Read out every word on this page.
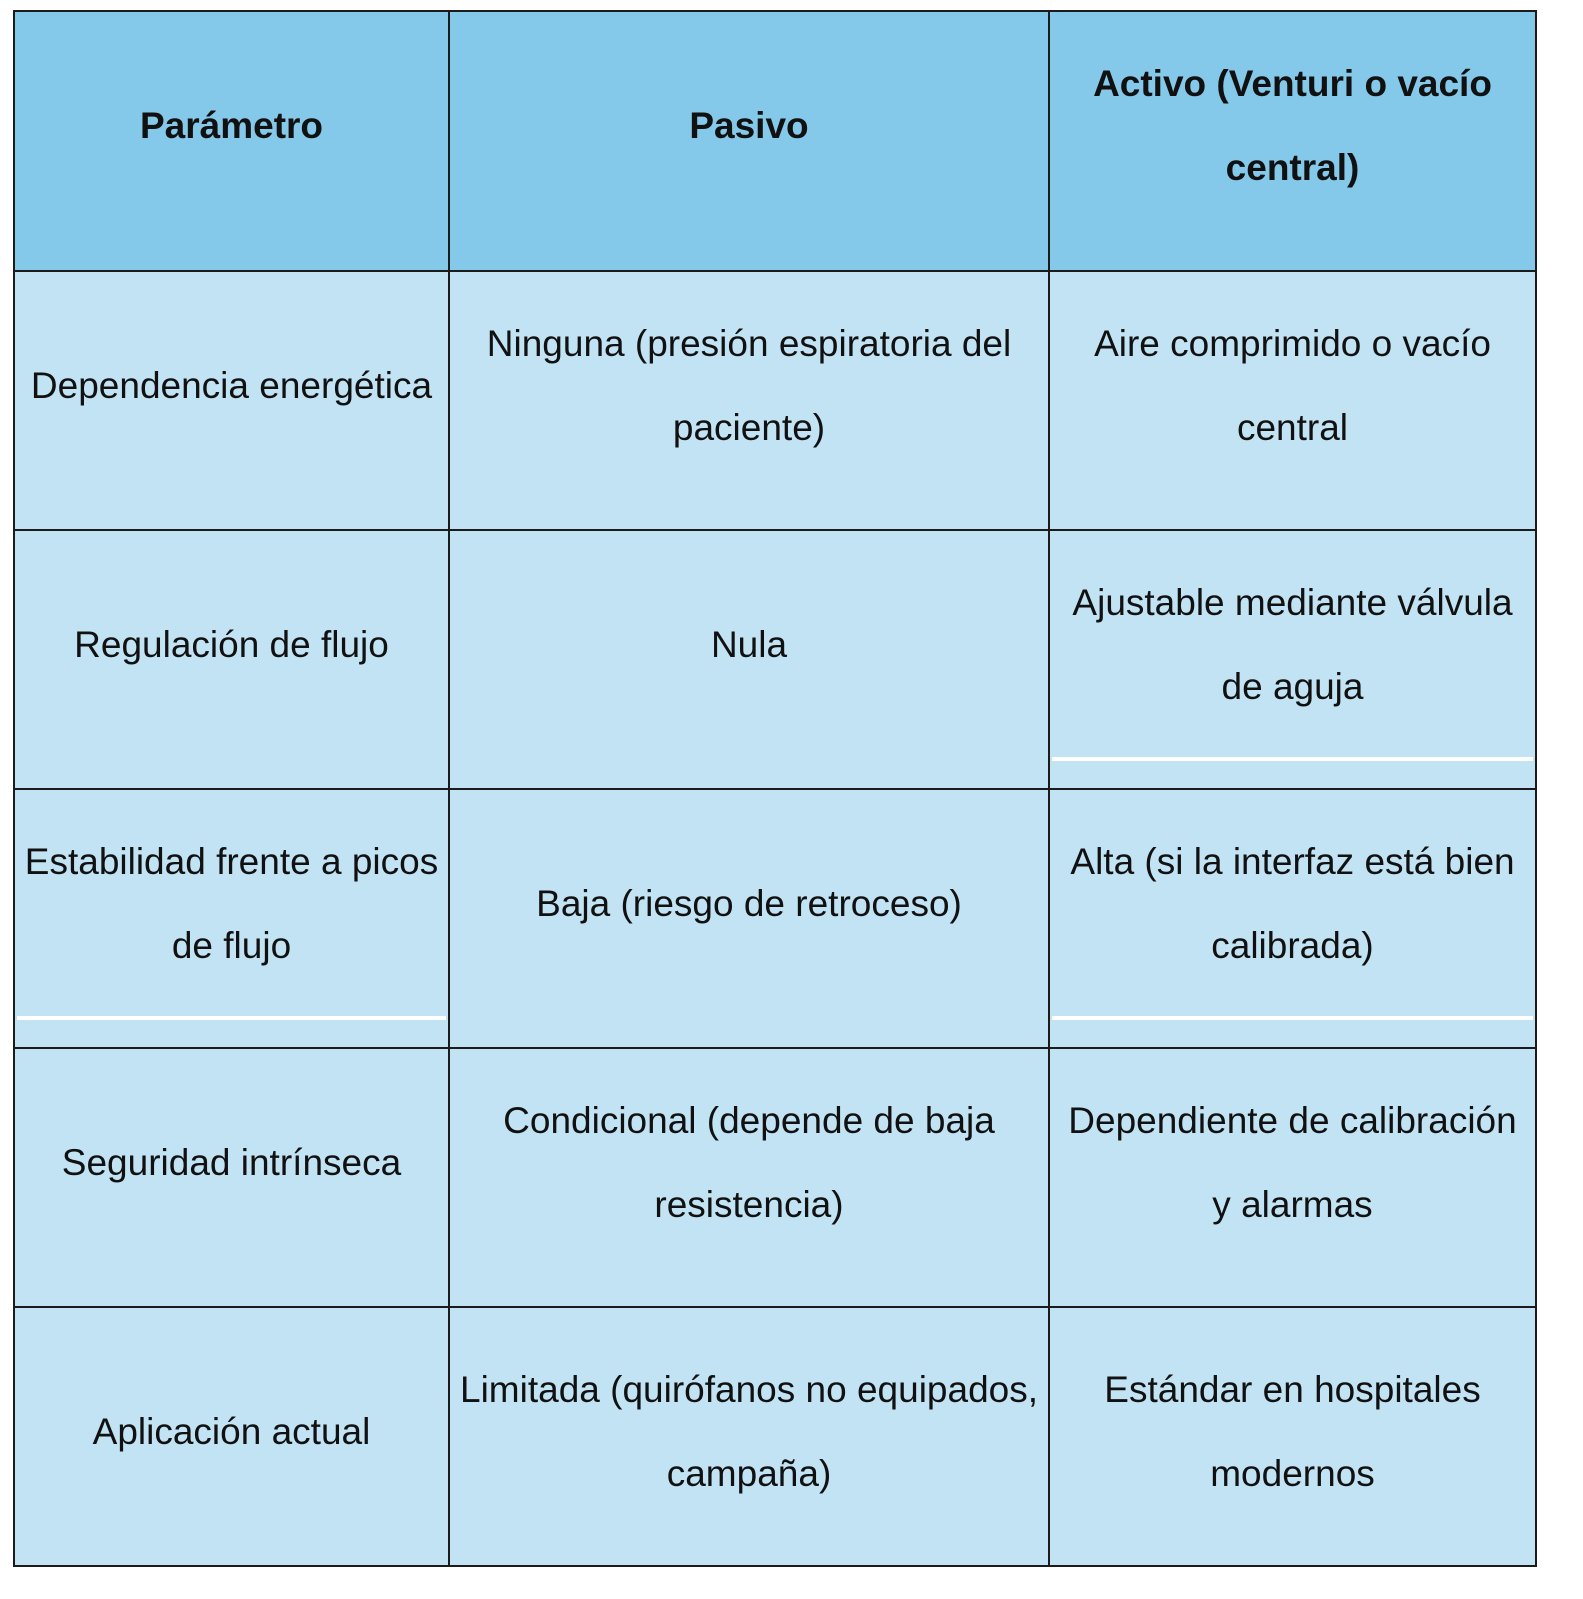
Parámetro	Pasivo	Activo (Venturi o vacío central)

Dependencia energética	Ninguna (presión espiratoria del paciente)	Aire comprimido o vacío central

Regulación de flujo	Nula	Ajustable mediante válvula de aguja

Estabilidad frente a picos de flujo	Baja (riesgo de retroceso)	Alta (si la interfaz está bien calibrada)

Seguridad intrínseca	Condicional (depende de baja resistencia)	Dependiente de calibración y alarmas

Aplicación actual	Limitada (quirófanos no equipados, campaña)	Estándar en hospitales modernos
